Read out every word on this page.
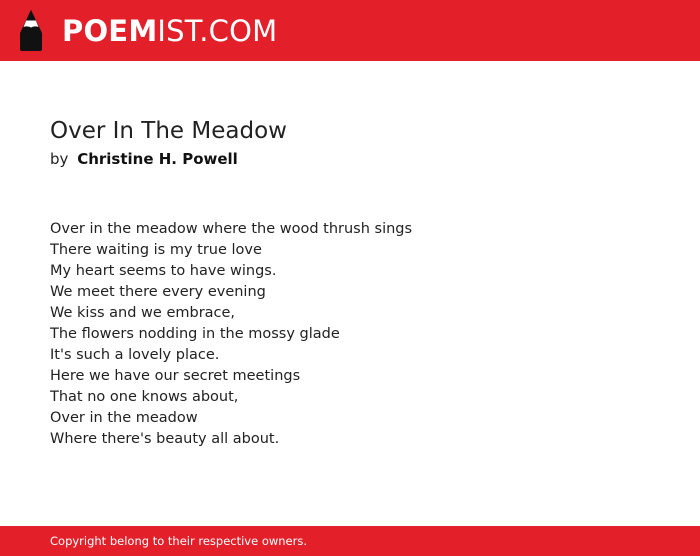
POEMIST.COM
Over In The Meadow
by Christine H. Powell
Over in the meadow where the wood thrush sings
There waiting is my true love
My heart seems to have wings.
We meet there every evening
We kiss and we embrace,
The flowers nodding in the mossy glade
It's such a lovely place.
Here we have our secret meetings
That no one knows about,
Over in the meadow
Where there's beauty all about.
Copyright belong to their respective owners.
